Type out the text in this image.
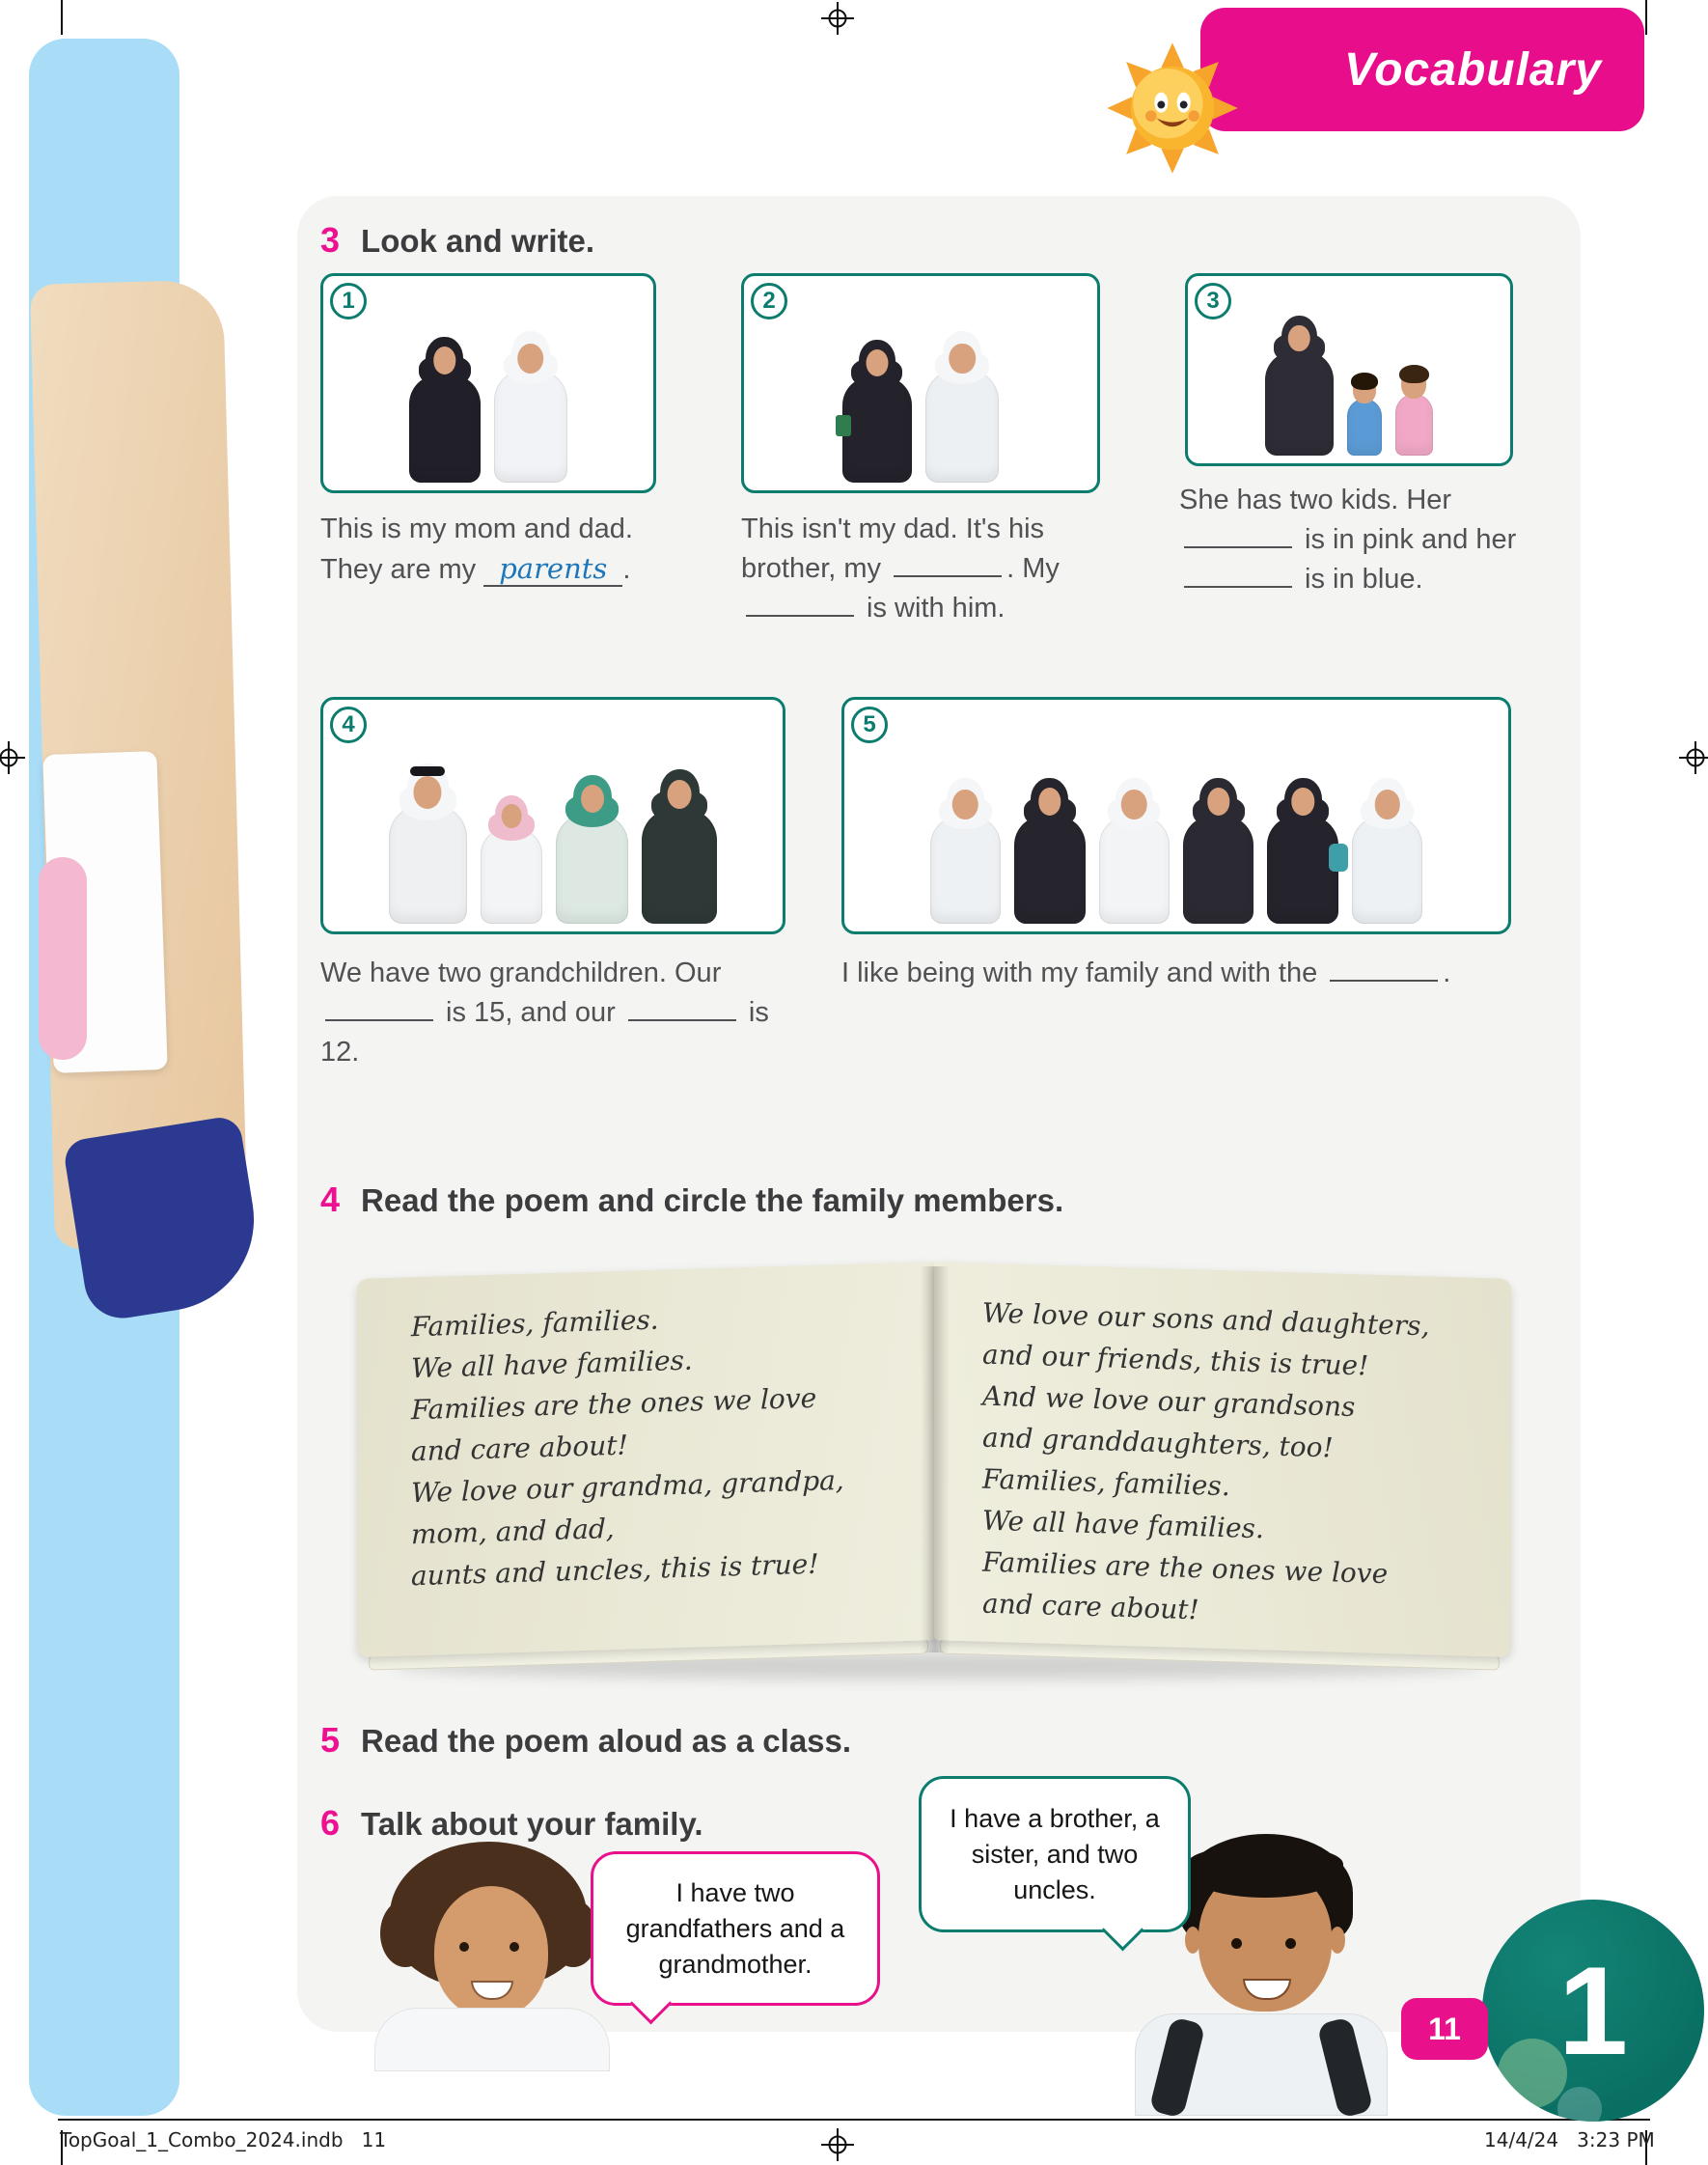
Vocabulary
3 Look and write.
1	2	3

This is my mom and dad. They are my parents .

This isn't my dad. It's his brother, my	. My  is with him.

She has two kids. Her  is in pink and her  is in blue.

4	5

We have two grandchildren. Our  is 15, and our	is 12.

I like being with my family and with the	.

4 Read the poem and circle the family members.
Families, families.
We all have families.
Families are the ones we love
and care about!
We love our grandma, grandpa,
mom, and dad,
aunts and uncles, this is true!
We love our sons and daughters,
and our friends, this is true!
And we love our grandsons
and granddaughters, too!
Families, families.
We all have families.
Families are the ones we love
and care about!
5 Read the poem aloud as a class.
6 Talk about your family.
I have two grandfathers and a grandmother.
I have a brother, a sister, and two uncles.
11 1
TopGoal_1_Combo_2024.indb   11	14/4/24   3:23 PM
